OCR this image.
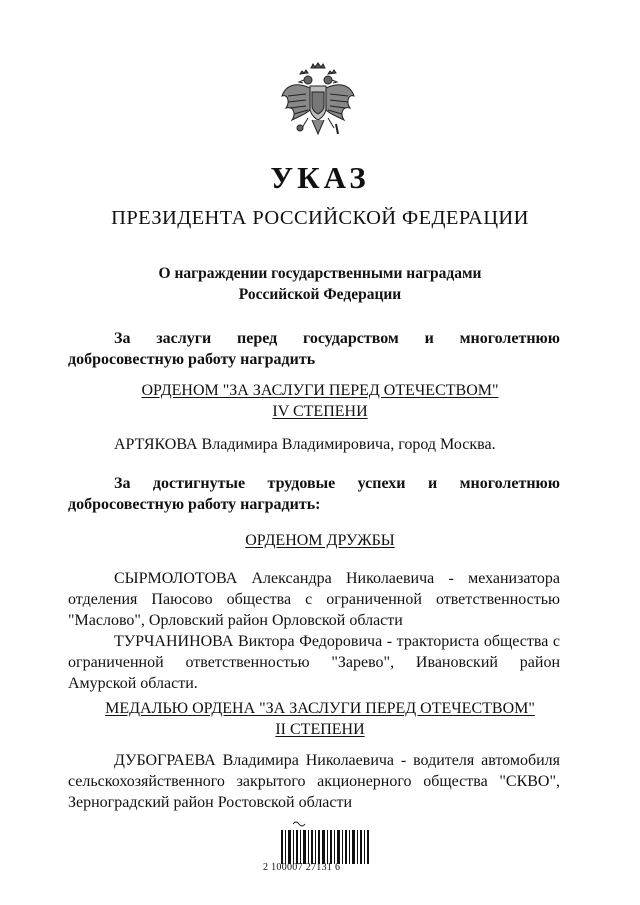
УКАЗ
ПРЕЗИДЕНТА РОССИЙСКОЙ ФЕДЕРАЦИИ
О награждении государственными наградами
Российской Федерации
За заслуги перед государством и многолетнюю
добросовестную работу наградить
ОРДЕНОМ "ЗА ЗАСЛУГИ ПЕРЕД ОТЕЧЕСТВОМ"
IV СТЕПЕНИ
АРТЯКОВА Владимира Владимировича, город Москва.
За достигнутые трудовые успехи и многолетнюю
добросовестную работу наградить:
ОРДЕНОМ ДРУЖБЫ
СЫРМОЛОТОВА Александра Николаевича - механизатора отделения Паюсово общества с ограниченной ответственностью "Маслово", Орловский район Орловской области
ТУРЧАНИНОВА Виктора Федоровича - тракториста общества с ограниченной ответственностью "Зарево", Ивановский район Амурской области.
МЕДАЛЬЮ ОРДЕНА "ЗА ЗАСЛУГИ ПЕРЕД ОТЕЧЕСТВОМ"
II СТЕПЕНИ
ДУБОГРАЕВА Владимира Николаевича - водителя автомобиля сельскохозяйственного закрытого акционерного общества "СКВО", Зерноградский район Ростовской области
2 100007 27131 6
